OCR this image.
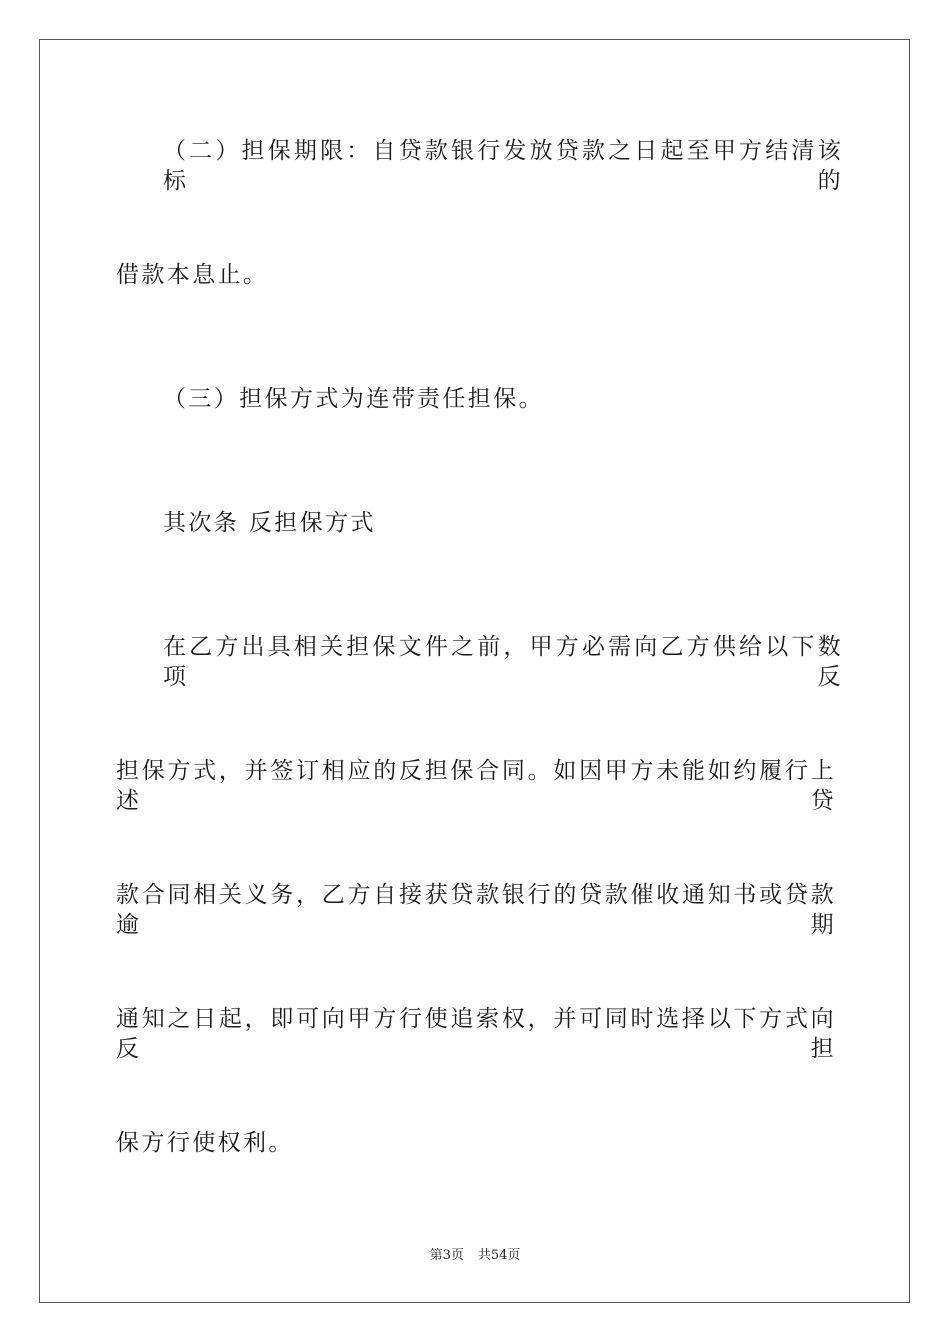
（二）担保期限：自贷款银行发放贷款之日起至甲方结清该标的
借款本息止。
（三）担保方式为连带责任担保。
其次条 反担保方式
在乙方出具相关担保文件之前，甲方必需向乙方供给以下数项反
担保方式，并签订相应的反担保合同。如因甲方未能如约履行上述贷
款合同相关义务，乙方自接获贷款银行的贷款催收通知书或贷款逾期
通知之日起，即可向甲方行使追索权，并可同时选择以下方式向反担
保方行使权利。
第3页 共54页
